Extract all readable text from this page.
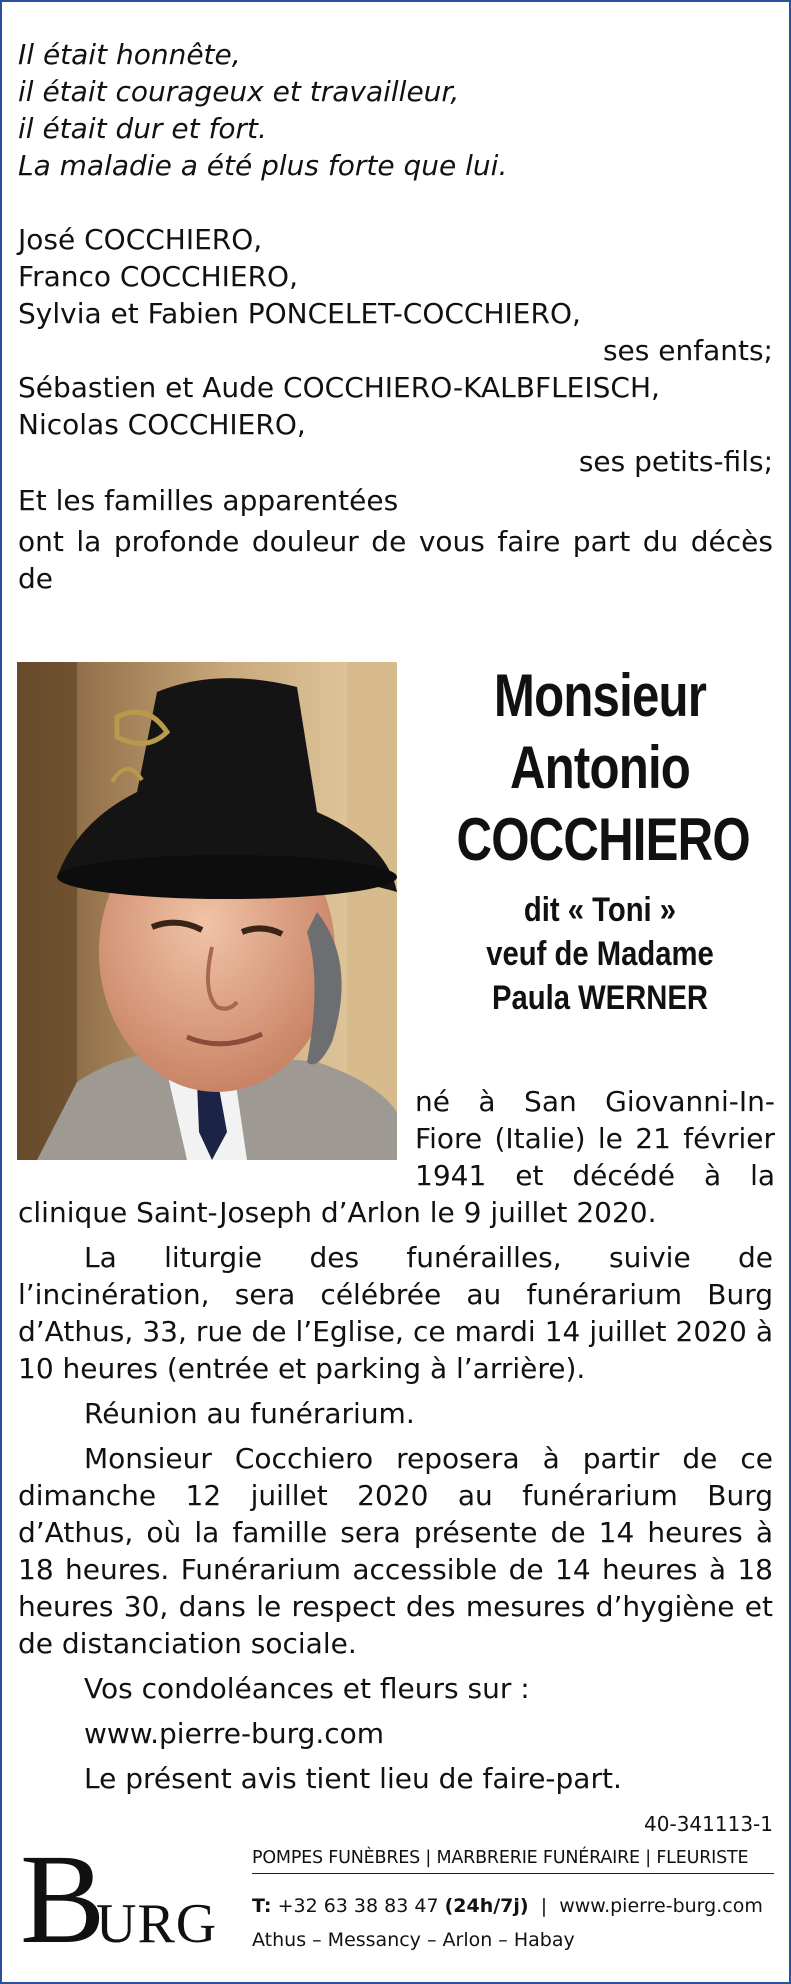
Il était honnête,
il était courageux et travailleur,
il était dur et fort.
La maladie a été plus forte que lui.
José COCCHIERO,
Franco COCCHIERO,
Sylvia et Fabien PONCELET-COCCHIERO,
ses enfants;
Sébastien et Aude COCCHIERO-KALBFLEISCH,
Nicolas COCCHIERO,
ses petits-fils;
Et les familles apparentées
ont la profonde douleur de vous faire part du décès de
Monsieur
Antonio
COCCHIERO
dit « Toni »
veuf de Madame
Paula WERNER
né à San Giovanni-In-Fiore (Italie) le 21 février 1941 et décédé à la
clinique Saint-Joseph d’Arlon le 9 juillet 2020.
La liturgie des funérailles, suivie de l’incinération, sera célébrée au funérarium Burg d’Athus, 33, rue de l’Eglise, ce mardi 14 juillet 2020 à 10 heures (entrée et parking à l’arrière).
Réunion au funérarium.
Monsieur Cocchiero reposera à partir de ce dimanche 12 juillet 2020 au funérarium Burg d’Athus, où la famille sera présente de 14 heures à 18 heures. Funérarium accessible de 14 heures à 18 heures 30, dans le respect des mesures d’hygiène et de distanciation sociale.
Vos condoléances et fleurs sur :
www.pierre-burg.com
Le présent avis tient lieu de faire-part.
40-341113-1
B
URG
POMPES FUNÈBRES | MARBRERIE FUNÉRAIRE | FLEURISTE
T: +32 63 38 83 47 (24h/7j) | www.pierre-burg.com
Athus – Messancy – Arlon – Habay
